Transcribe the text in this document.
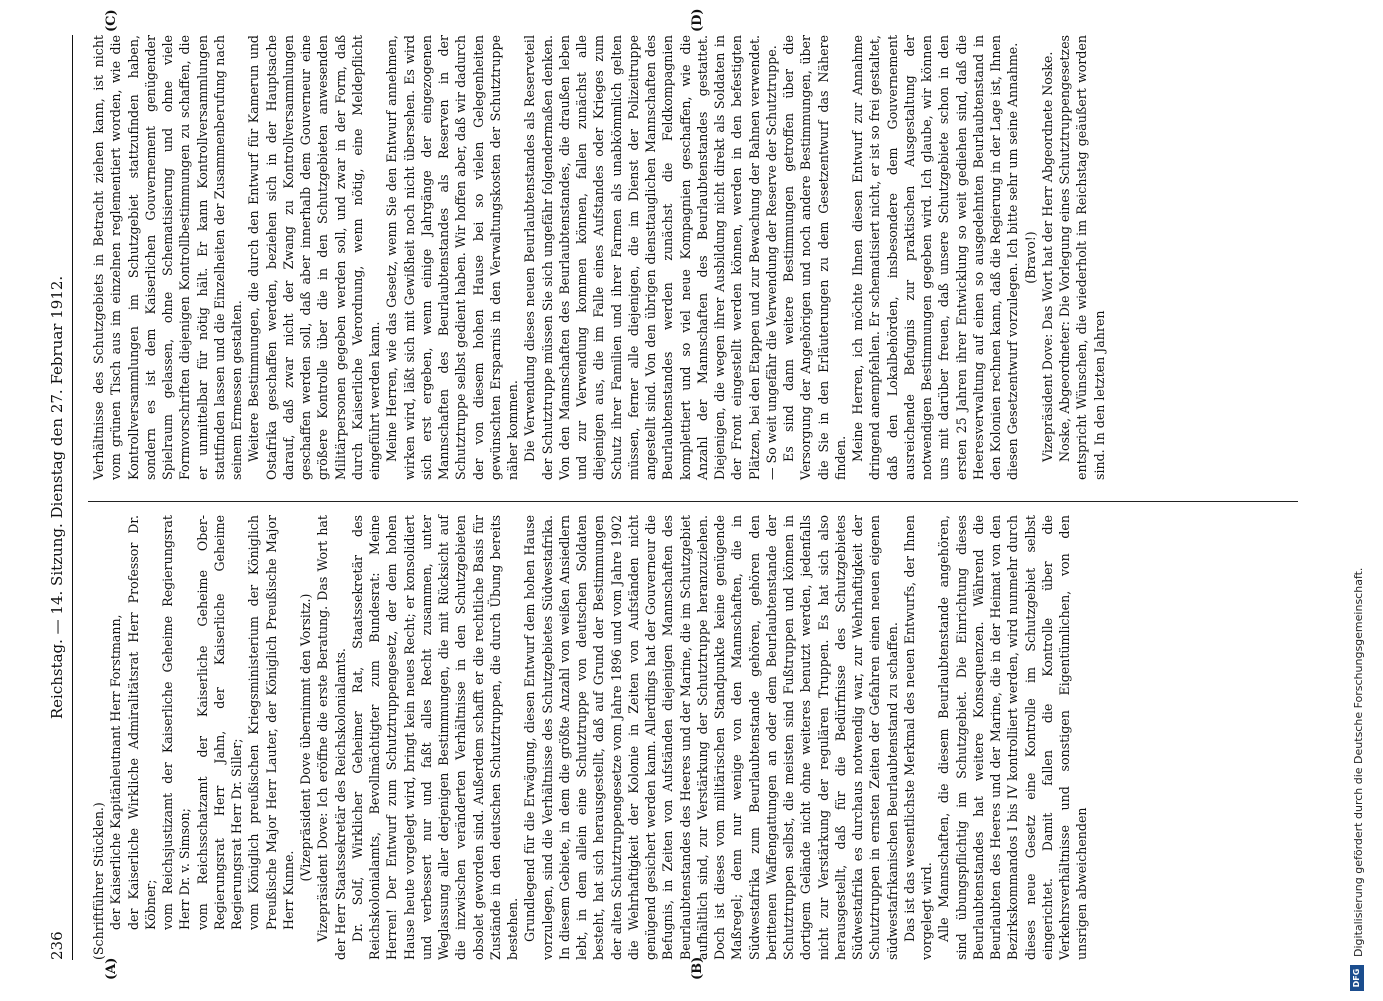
236
Reichstag. — 14. Sitzung. Dienstag den 27. Februar 1912.
(A)	(B)
(C)	(D)

(Schriftführer Stücklen.) der Kaiserliche Kapitänleutnant Herr Forstmann, der Kaiserliche Wirkliche Admiralitätsrat Herr Professor Dr. Köbner; vom Reichsjustizamt der Kaiserliche Geheime Regierungsrat Herr Dr. v. Simson; vom Reichsschatzamt der Kaiserliche Geheime Ober-Regierungsrat Herr Jahn, der Kaiserliche Geheime Regierungsrat Herr Dr. Siller; vom Königlich preußischen Kriegsministerium der Königlich Preußische Major Herr Lauter, der Königlich Preußische Major Herr Kunne.

(Vizepräsident Dove übernimmt den Vorsitz.) Vizepräsident Dove: Ich eröffne die erste Beratung. Das Wort hat der Herr Staatssekretär des Reichskolonialamts. Dr. Solf, Wirklicher Geheimer Rat, Staatssekretär des Reichskolonialamts, Bevollmächtigter zum Bundesrat: Meine Herren! Der Entwurf zum Schutztruppengesetz, der dem hohen Hause heute vorgelegt wird, bringt kein neues Recht; er konsolidiert und verbessert nur und faßt alles Recht zusammen, unter Weglassung aller derjenigen Bestimmungen, die mit Rücksicht auf die inzwischen veränderten Verhältnisse in den Schutzgebieten obsolet geworden sind. Außerdem schafft er die rechtliche Basis für Zustände in den deutschen Schutztruppen, die durch Übung bereits bestehen. Grundlegend für die Erwägung, diesen Entwurf dem hohen Hause vorzulegen, sind die Verhältnisse des Schutzgebietes Südwestafrika. In diesem Gebiete, in dem die größte Anzahl von weißen Ansiedlern lebt, in dem allein eine Schutztruppe von deutschen Soldaten besteht, hat sich herausgestellt, daß auf Grund der Bestimmungen der alten Schutztruppengesetze vom Jahre 1896 und vom Jahre 1902 die Wehrhaftigkeit der Kolonie in Zeiten von Aufständen nicht genügend gesichert werden kann. Allerdings hat der Gouverneur die Befugnis, in Zeiten von Aufständen diejenigen Mannschaften des Beurlaubtenstandes des Heeres und der Marine, die im Schutzgebiet aufhältlich sind, zur Verstärkung der Schutztruppe heranzuziehen. Doch ist dieses vom militärischen Standpunkte keine genügende Maßregel; denn nur wenige von den Mannschaften, die in Südwestafrika zum Beurlaubtenstande gehören, gehören den berittenen Waffengattungen an oder dem Beurlaubtenstande der Schutztruppen selbst, die meisten sind Fußtruppen und können in dortigem Gelände nicht ohne weiteres benutzt werden, jedenfalls nicht zur Verstärkung der regulären Truppen. Es hat sich also herausgestellt, daß für die Bedürfnisse des Schutzgebietes Südwestafrika es durchaus notwendig war, zur Wehrhaftigkeit der Schutztruppen in ernsten Zeiten der Gefahren einen neuen eigenen südwestafrikanischen Beurlaubtenstand zu schaffen. Das ist das wesentlichste Merkmal des neuen Entwurfs, der Ihnen vorgelegt wird. Alle Mannschaften, die diesem Beurlaubtenstande angehören, sind übungspflichtig im Schutzgebiet. Die Einrichtung dieses Beurlaubtenstandes hat weitere Konsequenzen. Während die Beurlaubten des Heeres und der Marine, die in der Heimat von den Bezirkskommandos I bis IV kontrolliert werden, wird nunmehr durch dieses neue Gesetz eine Kontrolle im Schutzgebiet selbst eingerichtet. Damit fallen die Kontrolle über die Verkehrsverhältnisse und sonstigen Eigentümlichen, von den unsrigen abweichenden

Verhältnisse des Schutzgebiets in Betracht ziehen kann, ist nicht vom grünen Tisch aus im einzelnen reglementiert worden, wie die Kontrollversammlungen im Schutzgebiet stattzufinden haben, sondern es ist dem Kaiserlichen Gouvernement genügender Spielraum gelassen, ohne Schematisierung und ohne viele Formvorschriften diejenigen Kontrollbestimmungen zu schaffen, die er unmittelbar für nötig hält. Er kann Kontrollversammlungen stattfinden lassen und die Einzelheiten der Zusammenberufung nach seinem Ermessen gestalten. Weitere Bestimmungen, die durch den Entwurf für Kamerun und Ostafrika geschaffen werden, beziehen sich in der Hauptsache darauf, daß zwar nicht der Zwang zu Kontrollversammlungen geschaffen werden soll, daß aber innerhalb dem Gouverneur eine größere Kontrolle über die in den Schutzgebieten anwesenden Militärpersonen gegeben werden soll, und zwar in der Form, daß durch Kaiserliche Verordnung, wenn nötig, eine Meldepflicht eingeführt werden kann. Meine Herren, wie das Gesetz, wenn Sie den Entwurf annehmen, wirken wird, läßt sich mit Gewißheit noch nicht übersehen. Es wird sich erst ergeben, wenn einige Jahrgänge der eingezogenen Mannschaften des Beurlaubtenstandes als Reserven in der Schutztruppe selbst gedient haben. Wir hoffen aber, daß wir dadurch der von diesem hohen Hause bei so vielen Gelegenheiten gewünschten Ersparnis in den Verwaltungskosten der Schutztruppe näher kommen. Die Verwendung dieses neuen Beurlaubtenstandes als Reserveteil der Schutztruppe müssen Sie sich ungefähr folgendermaßen denken. Von den Mannschaften des Beurlaubtenstandes, die draußen leben und zur Verwendung kommen können, fallen zunächst alle diejenigen aus, die im Falle eines Aufstandes oder Krieges zum Schutz ihrer Familien und ihrer Farmen als unabkömmlich gelten müssen, ferner alle diejenigen, die im Dienst der Polizeitruppe angestellt sind. Von den übrigen diensttauglichen Mannschaften des Beurlaubtenstandes werden zunächst die Feldkompagnien komplettiert und so viel neue Kompagnien geschaffen, wie die Anzahl der Mannschaften des Beurlaubtenstandes gestattet. Diejenigen, die wegen ihrer Ausbildung nicht direkt als Soldaten in der Front eingestellt werden können, werden in den befestigten Plätzen, bei den Etappen und zur Bewachung der Bahnen verwendet. — So weit ungefähr die Verwendung der Reserve der Schutztruppe. Es sind dann weitere Bestimmungen getroffen über die Versorgung der Angehörigen und noch andere Bestimmungen, über die Sie in den Erläuterungen zu dem Gesetzentwurf das Nähere finden. Meine Herren, ich möchte Ihnen diesen Entwurf zur Annahme dringend anempfehlen. Er schematisiert nicht, er ist so frei gestaltet, daß den Lokalbehörden, insbesondere dem Gouvernement ausreichende Befugnis zur praktischen Ausgestaltung der notwendigen Bestimmungen gegeben wird. Ich glaube, wir können uns mit darüber freuen, daß unsere Schutzgebiete schon in den ersten 25 Jahren ihrer Entwicklung so weit gediehen sind, daß die Heeresverwaltung auf einen so ausgedehnten Beurlaubtenstand in den Kolonien rechnen kann, daß die Regierung in der Lage ist, Ihnen diesen Gesetzentwurf vorzulegen. Ich bitte sehr um seine Annahme. (Bravo!) Vizepräsident Dove: Das Wort hat der Herr Abgeordnete Noske. Noske, Abgeordneter: Die Vorlegung eines Schutztruppengesetzes entspricht Wünschen, die wiederholt im Reichstag geäußert worden sind. In den letzten Jahren

DFG
Digitalisierung gefördert durch die Deutsche Forschungsgemeinschaft.
